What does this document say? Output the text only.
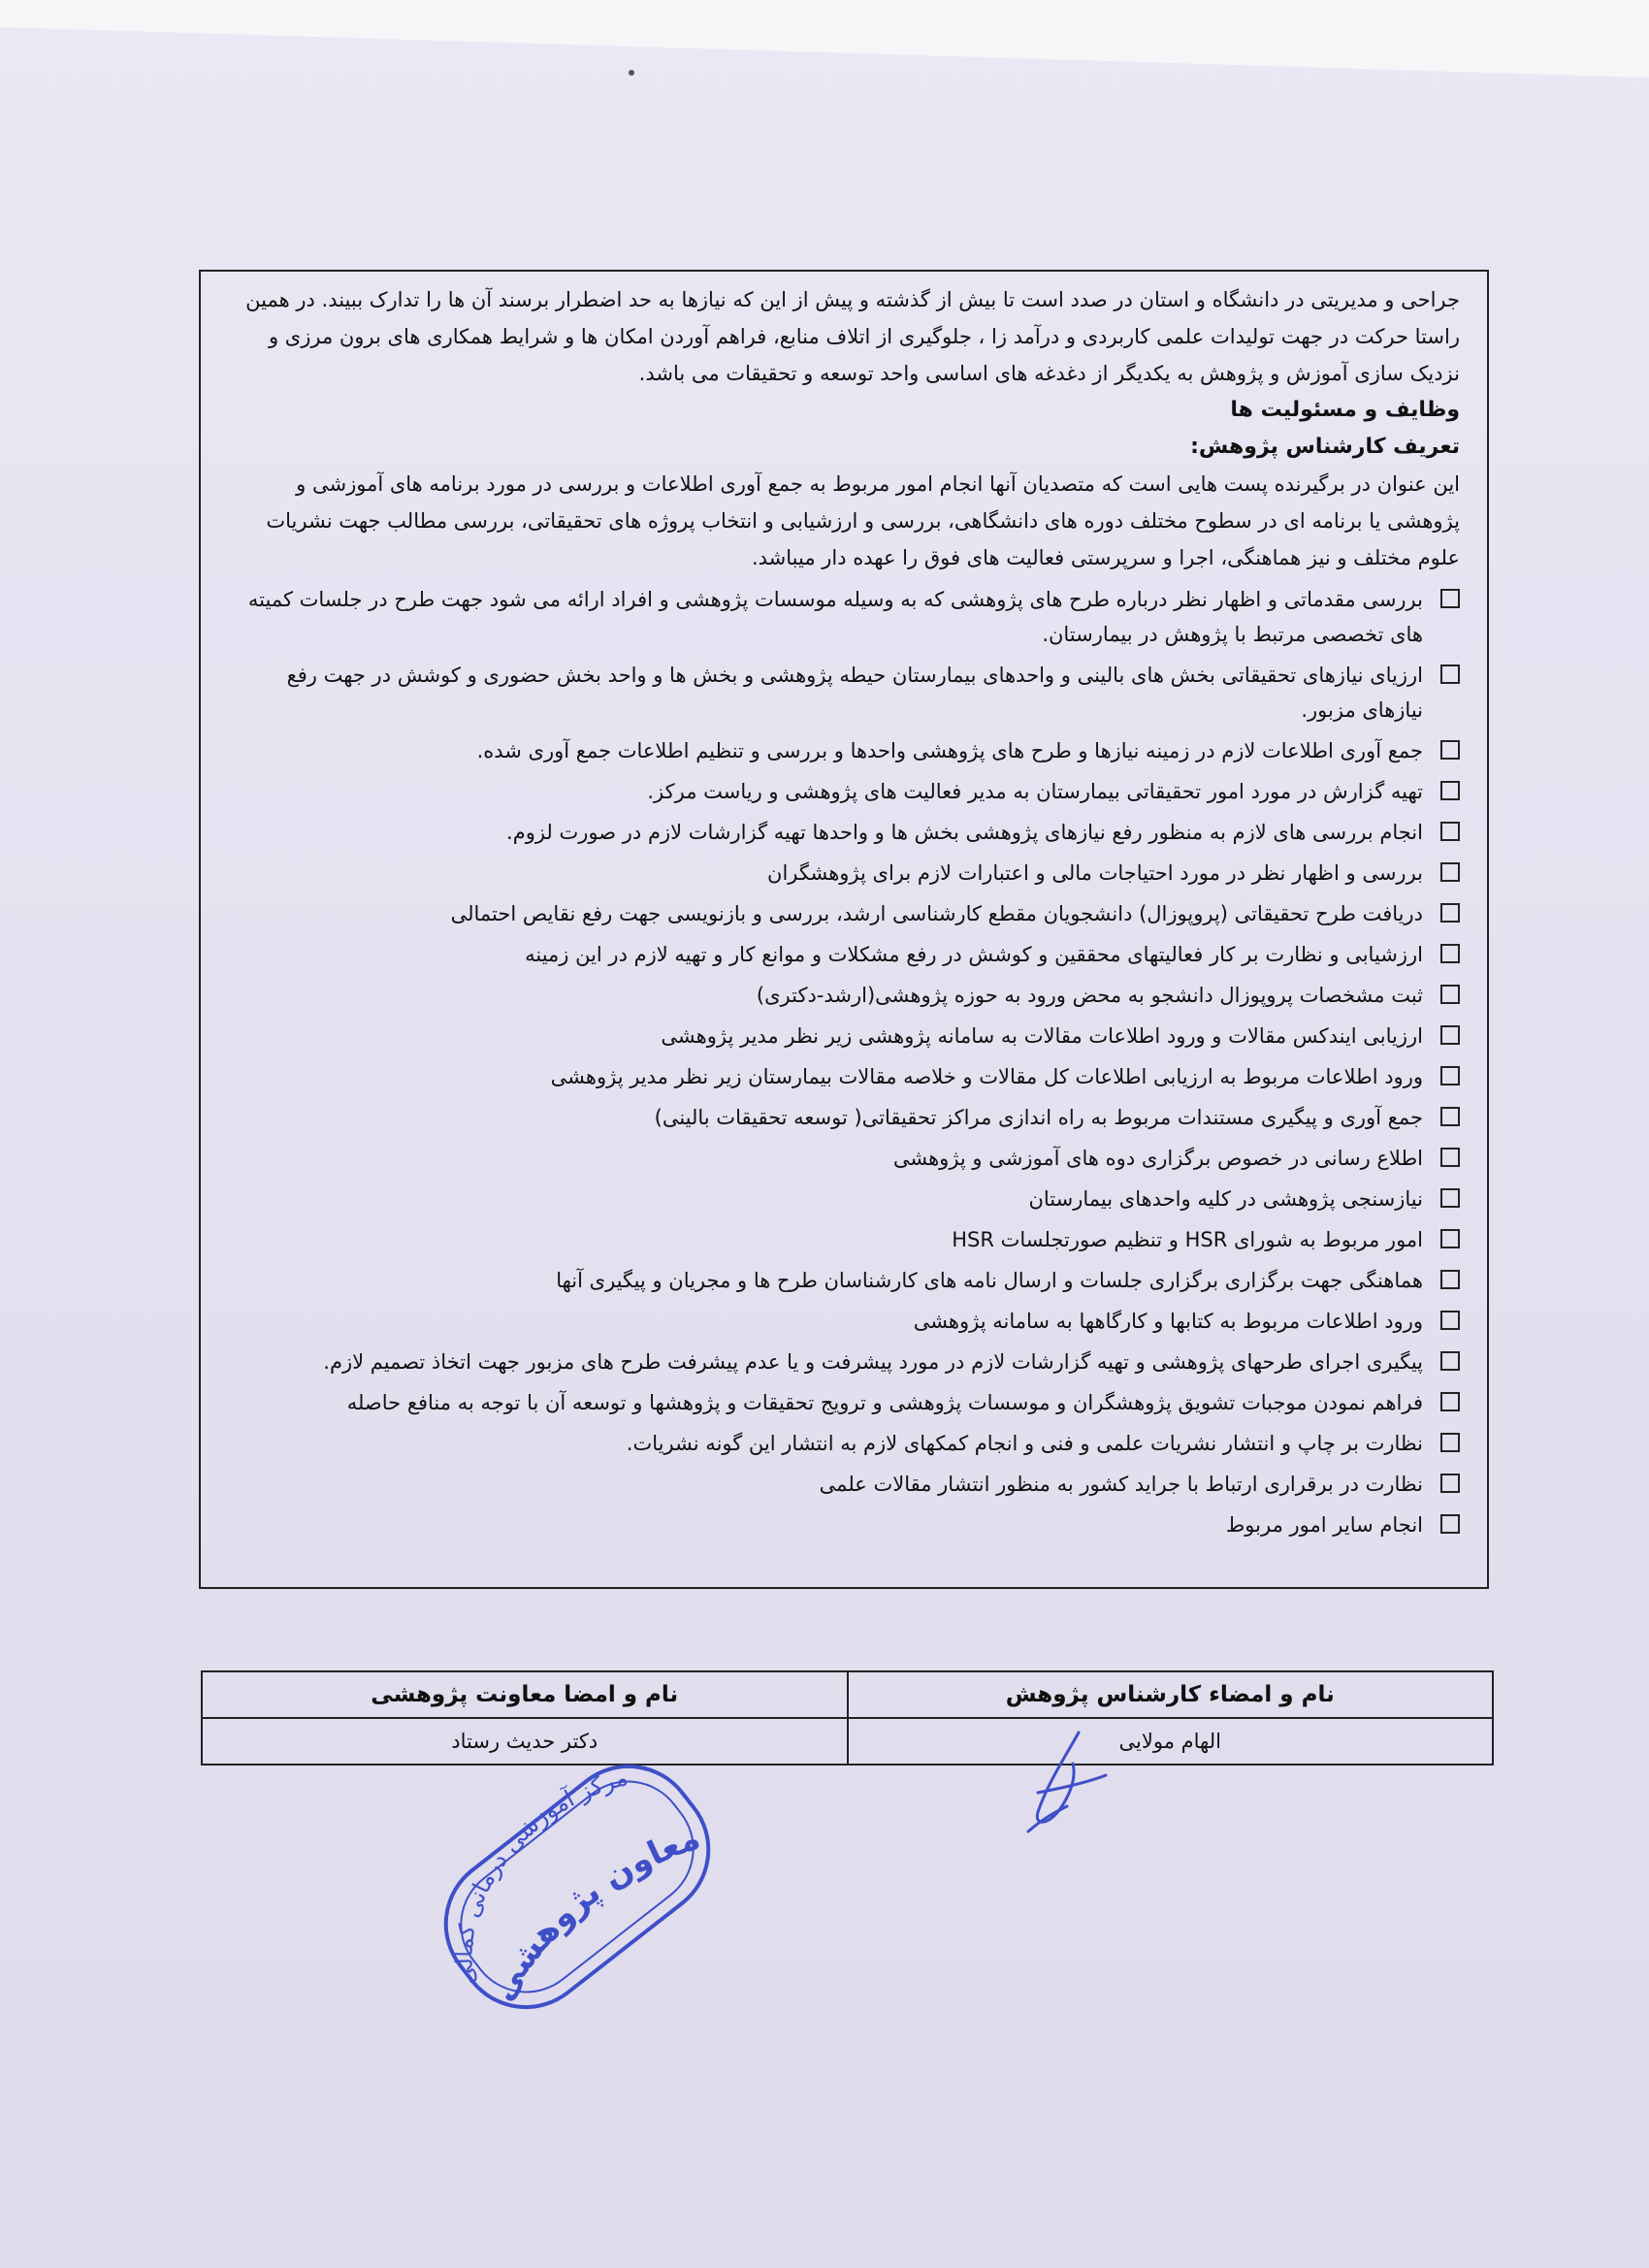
جراحی و مدیریتی در دانشگاه و استان در صدد است تا بیش از گذشته و پیش از این که نیازها به حد اضطرار برسند آن ها را تدارک ببیند. در همین راستا حرکت در جهت تولیدات علمی کاربردی و درآمد زا ، جلوگیری از اتلاف منابع، فراهم آوردن امکان ها و شرایط همکاری های برون مرزی و نزدیک سازی آموزش و پژوهش به یکدیگر از دغدغه های اساسی واحد توسعه و تحقیقات می باشد.

وظایف و مسئولیت ها

تعریف کارشناس پژوهش:

این عنوان در برگیرنده پست هایی است که متصدیان آنها انجام امور مربوط به جمع آوری اطلاعات و بررسی در مورد برنامه های آموزشی و پژوهشی یا برنامه ای در سطوح مختلف دوره های دانشگاهی، بررسی و ارزشیابی و انتخاب پروژه های تحقیقاتی، بررسی مطالب جهت نشریات علوم مختلف و نیز هماهنگی، اجرا و سرپرستی فعالیت های فوق را عهده دار میباشد.

بررسی مقدماتی و اظهار نظر درباره طرح های پژوهشی که به وسیله موسسات پژوهشی و افراد ارائه می شود جهت طرح در جلسات کمیته های تخصصی مرتبط با پژوهش در بیمارستان.
ارزیای نیازهای تحقیقاتی بخش های بالینی و واحدهای بیمارستان حیطه پژوهشی و بخش ها و واحد بخش حضوری و کوشش در جهت رفع نیازهای مزبور.
جمع آوری اطلاعات لازم در زمینه نیازها و طرح های پژوهشی واحدها و بررسی و تنظیم اطلاعات جمع آوری شده.
تهیه گزارش در مورد امور تحقیقاتی بیمارستان به مدیر فعالیت های پژوهشی و ریاست مرکز.
انجام بررسی های لازم به منظور رفع نیازهای پژوهشی بخش ها و واحدها تهیه گزارشات لازم در صورت لزوم.
بررسی و اظهار نظر در مورد احتیاجات مالی و اعتبارات لازم برای پژوهشگران
دریافت طرح تحقیقاتی (پروپوزال) دانشجویان مقطع کارشناسی ارشد، بررسی و بازنویسی جهت رفع نقایص احتمالی
ارزشیابی و نظارت بر کار فعالیتهای محققین و کوشش در رفع مشکلات و موانع کار و تهیه لازم در این زمینه
ثبت مشخصات پروپوزال دانشجو به محض ورود به حوزه پژوهشی(ارشد-دکتری)
ارزیابی ایندکس مقالات و ورود اطلاعات مقالات به سامانه پژوهشی زیر نظر مدیر پژوهشی
ورود اطلاعات مربوط به ارزیابی اطلاعات کل مقالات و خلاصه مقالات بیمارستان زیر نظر مدیر پژوهشی
جمع آوری و پیگیری مستندات مربوط به راه اندازی مراکز تحقیقاتی( توسعه تحقیقات بالینی)
اطلاع رسانی در خصوص برگزاری دوه های آموزشی و پژوهشی
نیازسنجی پژوهشی در کلیه واحدهای بیمارستان
امور مربوط به شورای HSR و تنظیم صورتجلسات HSR
هماهنگی جهت برگزاری برگزاری جلسات و ارسال نامه های کارشناسان طرح ها و مجریان و پیگیری آنها
ورود اطلاعات مربوط به کتابها و کارگاهها به سامانه پژوهشی
پیگیری اجرای طرحهای پژوهشی و تهیه گزارشات لازم در مورد پیشرفت و یا عدم پیشرفت طرح های مزبور جهت اتخاذ تصمیم لازم.
فراهم نمودن موجبات تشویق پژوهشگران و موسسات پژوهشی و ترویج تحقیقات و پژوهشها و توسعه آن با توجه به منافع حاصله
نظارت بر چاپ و انتشار نشریات علمی و فنی و انجام کمکهای لازم به انتشار این گونه نشریات.
نظارت در برقراری ارتباط با جراید کشور به منظور انتشار مقالات علمی
انجام سایر امور مربوط
نام و امضاء کارشناس پژوهش	نام و امضا معاونت پژوهشی
الهام مولایی	دکتر حدیث رستاد
مرکز آموزشی درمانی کمالی
معاون پژوهشی
